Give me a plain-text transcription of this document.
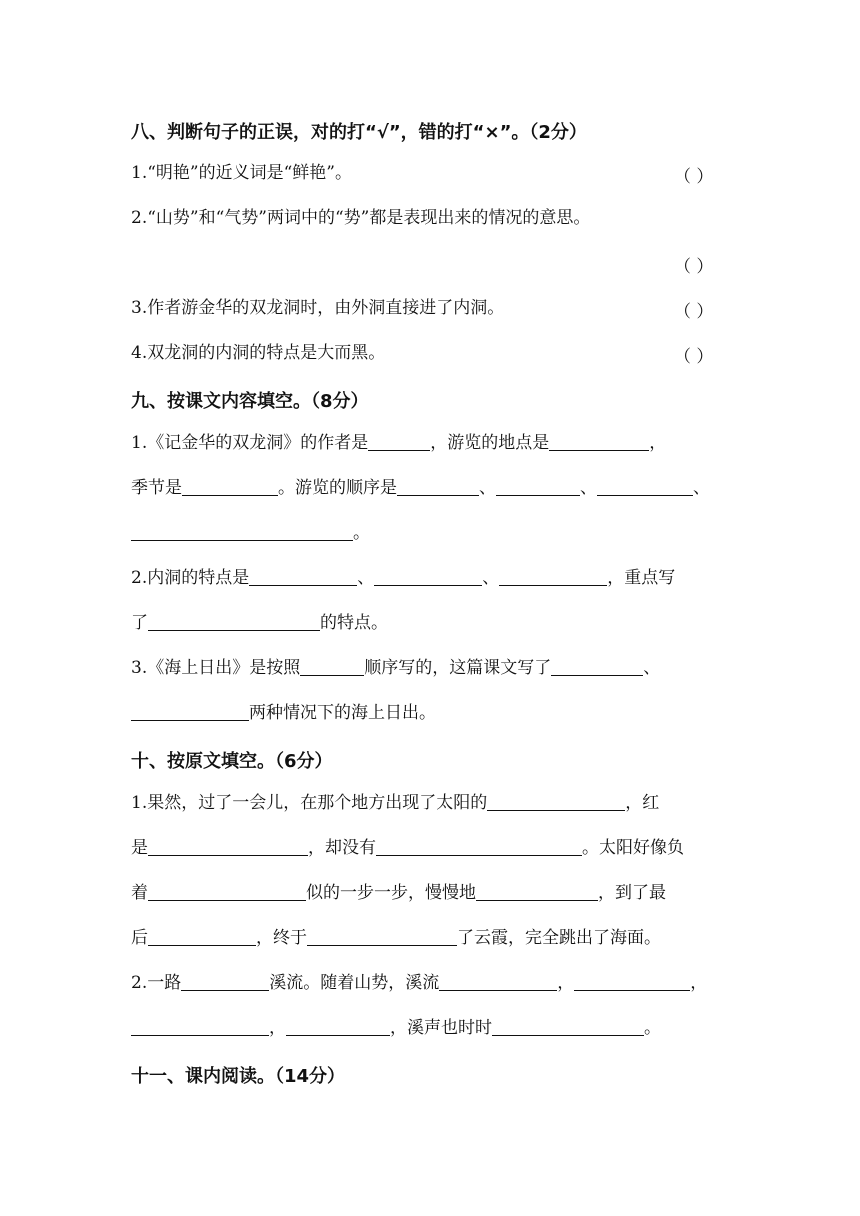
八、判断句子的正误，对的打“√”，错的打“×”。（2分）
1.“明艳”的近义词是“鲜艳”。	（ ）
2.“山势”和“气势”两词中的“势”都是表现出来的情况的意思。
（ ）
3.作者游金华的双龙洞时，由外洞直接进了内洞。	（ ）
4.双龙洞的内洞的特点是大而黑。	（ ）
九、按课文内容填空。（8分）
1.《记金华的双龙洞》的作者是	，游览的地点是	，
季节是	。游览的顺序是	、	、	、
。
2.内洞的特点是	、	、	，重点写
了	的特点。
3.《海上日出》是按照	顺序写的，这篇课文写了	、
两种情况下的海上日出。
十、按原文填空。（6分）
1.果然，过了一会儿，在那个地方出现了太阳的	，红
是	，却没有	。太阳好像负
着	似的一步一步，慢慢地	，到了最
后	，终于	了云霞，完全跳出了海面。
2.一路	溪流。随着山势，溪流	，	，
，	，溪声也时时	。
十一、课内阅读。（14分）
